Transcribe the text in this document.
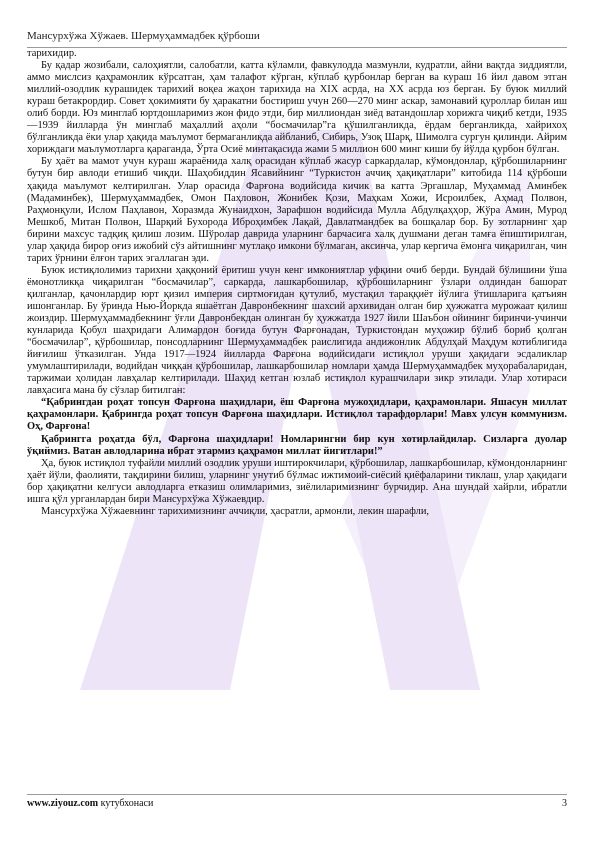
Мансурхўжа Хўжаев. Шермуҳаммадбек қўрбоши

тарихидир.

Бу қадар жозибали, салоҳиятли, салобатли, катта кўламли, фавкулодда мазмунли, кудратли, айни вақтда зиддиятли, аммо мислсиз қаҳрамонлик кўрсатган, ҳам талафот кўрган, кўплаб қурбонлар берган ва кураш 16 йил давом этган миллий-озодлик курашидек тарихий воқеа жаҳон тарихида на ХІХ асрда, на ХХ асрда юз берган. Бу буюк миллий кураш бетакрордир. Совет ҳокимияти бу ҳаракатни бостириш учун 260—270 минг аскар, замонавий қуроллар билан иш олиб борди. Юз минглаб юртдошларимиз жон фидо этди, бир миллиондан зиёд ватандошлар хорижга чиқиб кетди, 1935—1939 йилларда ўн минглаб маҳаллий аҳоли “босмачилар”га қўшилганликда, ёрдам берганликда, хайрихоҳ бўлганликда ёки улар ҳақида маълумот бермаганликда айбланиб, Сибирь, Узоқ Шарқ, Шимолга сургун қилинди. Айрим хориждаги маълумотларга қараганда, Ўрта Осиё минтақасида жами 5 миллион 600 минг киши бу йўлда қурбон бўлган.

Бу ҳаёт ва мамот учун кураш жараёнида халқ орасидан кўплаб жасур саркардалар, кўмондонлар, қўрбошиларнинг бутун бир авлоди етишиб чиқди. Шаҳобиддин Ясавийнинг “Туркистон аччиқ ҳақиқатлари” китобида 114 қўрбоши ҳақида маълумот келтирилган. Улар орасида Фарғона водийсида кичик ва катта Эргашлар, Муҳаммад Аминбек (Мадаминбек), Шермуҳаммадбек, Омон Паҳловон, Жонибек Қози, Маҳкам Хожи, Исроилбек, Аҳмад Полвон, Раҳмонқули, Ислом Паҳлавон, Хоразмда Жунаидхон, Зарафшон водийсида Мулла Абдулқаҳҳор, Жўра Амин, Мурод Мешкоб, Митан Полвон, Шарқий Бухорода Иброҳимбек Лақай, Давлатмандбек ва бошқалар бор. Бу зотларнинг ҳар бирини махсус тадқиқ қилиш лозим. Шўролар даврида уларнинг барчасига халқ душмани деган тамға ёпиштирилган, улар ҳақида бирор оғиз ижобий сўз айтишнинг мутлақо имкони бўлмаган, аксинча, улар кергича ёмонга чиқарилган, чин тарих ўрнини ёлғон тарих эгаллаган эди.

Буюк истиқлолимиз тарихни ҳаққоний ёритиш учун кенг имкониятлар уфқини очиб берди. Бундай бўлишини ўша ёмонотликқа чиқарилган “босмачилар”, саркарда, лашкарбошилар, қўрбошиларнинг ўзлари олдиндан башорат қилганлар, қачонлардир юрт қизил империя сиртмоғидан қутулиб, мустақил тараққиёт йўлига ўтишларига қатъиян ишонганлар. Бу ўринда Нью-Йоркда яшаётган Давронбекнинг шахсий архивидан олган бир ҳужжатга мурожаат қилиш жоиздир. Шермуҳаммадбекнинг ўғли Давронбекдан олинган бу ҳужжатда 1927 йили Шаъбон ойининг биринчи-учинчи кунларида Қобул шаҳридаги Алимардон боғида бутун Фарғонадан, Туркистондан муҳожир бўлиб бориб қолган “босмачилар”, қўрбошилар, понсодларнинг Шермуҳаммадбек раислигида андижонлик Абдулҳай Маҳдум котиблигида йиғилиш ўтказилган. Унда 1917—1924 йилларда Фарғона водийсидаги истиқлол уруши ҳақидаги эсдаликлар умумлаштирилади, водийдан чиққан қўрбошилар, лашкарбошилар номлари ҳамда Шермуҳаммадбек муҳорабаларидан, таржимаи ҳолидан лавҳалар келтирилади. Шаҳид кетган юзлаб истиқлол курашчилари зикр этилади. Улар хотираси лавҳасига мана бу сўзлар битилган:

“Қабрингдан роҳат топсун Фарғона шаҳидлари, ёш Фарғона мужоҳидлари, қаҳрамонлари. Яшасун миллат қаҳрамонлари. Қабрингда роҳат топсун Фарғона шаҳидлари. Истиқлол тарафдорлари! Мавх улсун коммунизм. Оҳ, Фарғона!

Қабрингга роҳатда бўл, Фарғона шаҳидлари! Номларингни бир кун хотирлайдилар. Сизларга дуолар ўқиймиз. Ватан авлодларина ибрат этармиз қаҳрамон миллат йигитлари!”

Ҳа, буюк истиқлол туфайли миллий озодлик уруши иштирокчилари, қўрбошилар, лашкарбошилар, кўмондонларнинг ҳаёт йўли, фаолияти, тақдирини билиш, уларнинг унутиб бўлмас ижтимоий-сиёсий қиёфаларини тиклаш, улар ҳақидаги бор ҳақиқатни келгуси авлодларга етказиш олимларимиз, зиёлиларимизнинг бурчидир. Ана шундай хайрли, ибратли ишга қўл урганлардан бири Мансурхўжа Хўжаевдир.

Мансурхўжа Хўжаевнинг тарихимизнинг аччиқли, ҳасратли, армонли, лекин шарафли,

www.ziyouz.com кутубхонаси	3
